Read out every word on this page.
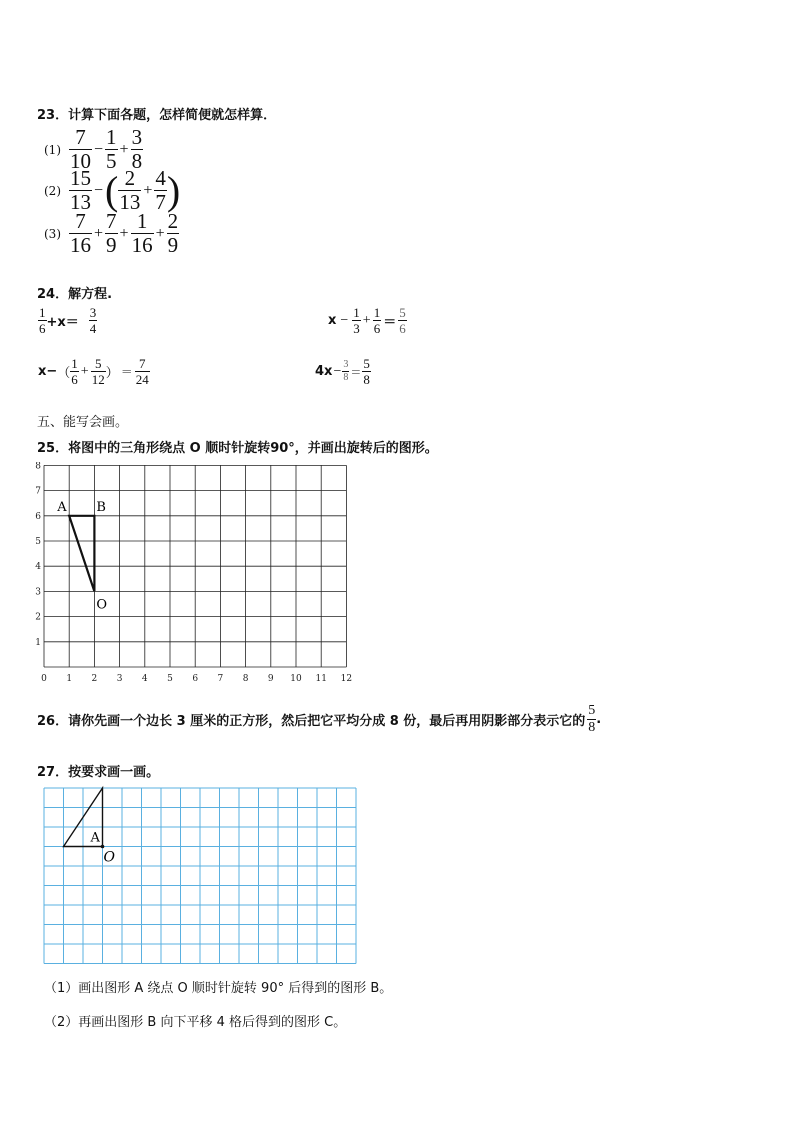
23．计算下面各题，怎样简便就怎样算．
$(1) \frac{7}{10} - \frac{1}{5} + \frac{3}{8}$
$(2) \frac{15}{13}$ − ( $\frac{2}{13} + \frac{4}{7}$ )
$(3) \frac{7}{16} + \frac{7}{9} + \frac{1}{16} + \frac{2}{9}$
24．解方程.
$\frac{1}{6} +x= \frac{3}{4}$	$x - \frac{1}{3} + \frac{1}{6} = \frac{5}{6}$
x− （ $\frac{1}{6} + \frac{5}{12}$ ） ＝ $\frac{7}{24}$	$4x - \frac{3}{8} = \frac{5}{8}$
五、能写会画。
25．将图中的三角形绕点 O 顺时针旋转90°，并画出旋转后的图形。
0 1 2 3 4 5 6 7 8 9 10 11 12
1
2
3
4
5
6
7
8
A B
O
26．请你先画一个边长 3 厘米的正方形，然后把它平均分成 8 份，最后再用阴影部分表示它的 $\frac{5}{8}$ .
27．按要求画一画。
A
O
（1）画出图形 A 绕点 O 顺时针旋转 90° 后得到的图形 B。
（2）再画出图形 B 向下平移 4 格后得到的图形 C。
